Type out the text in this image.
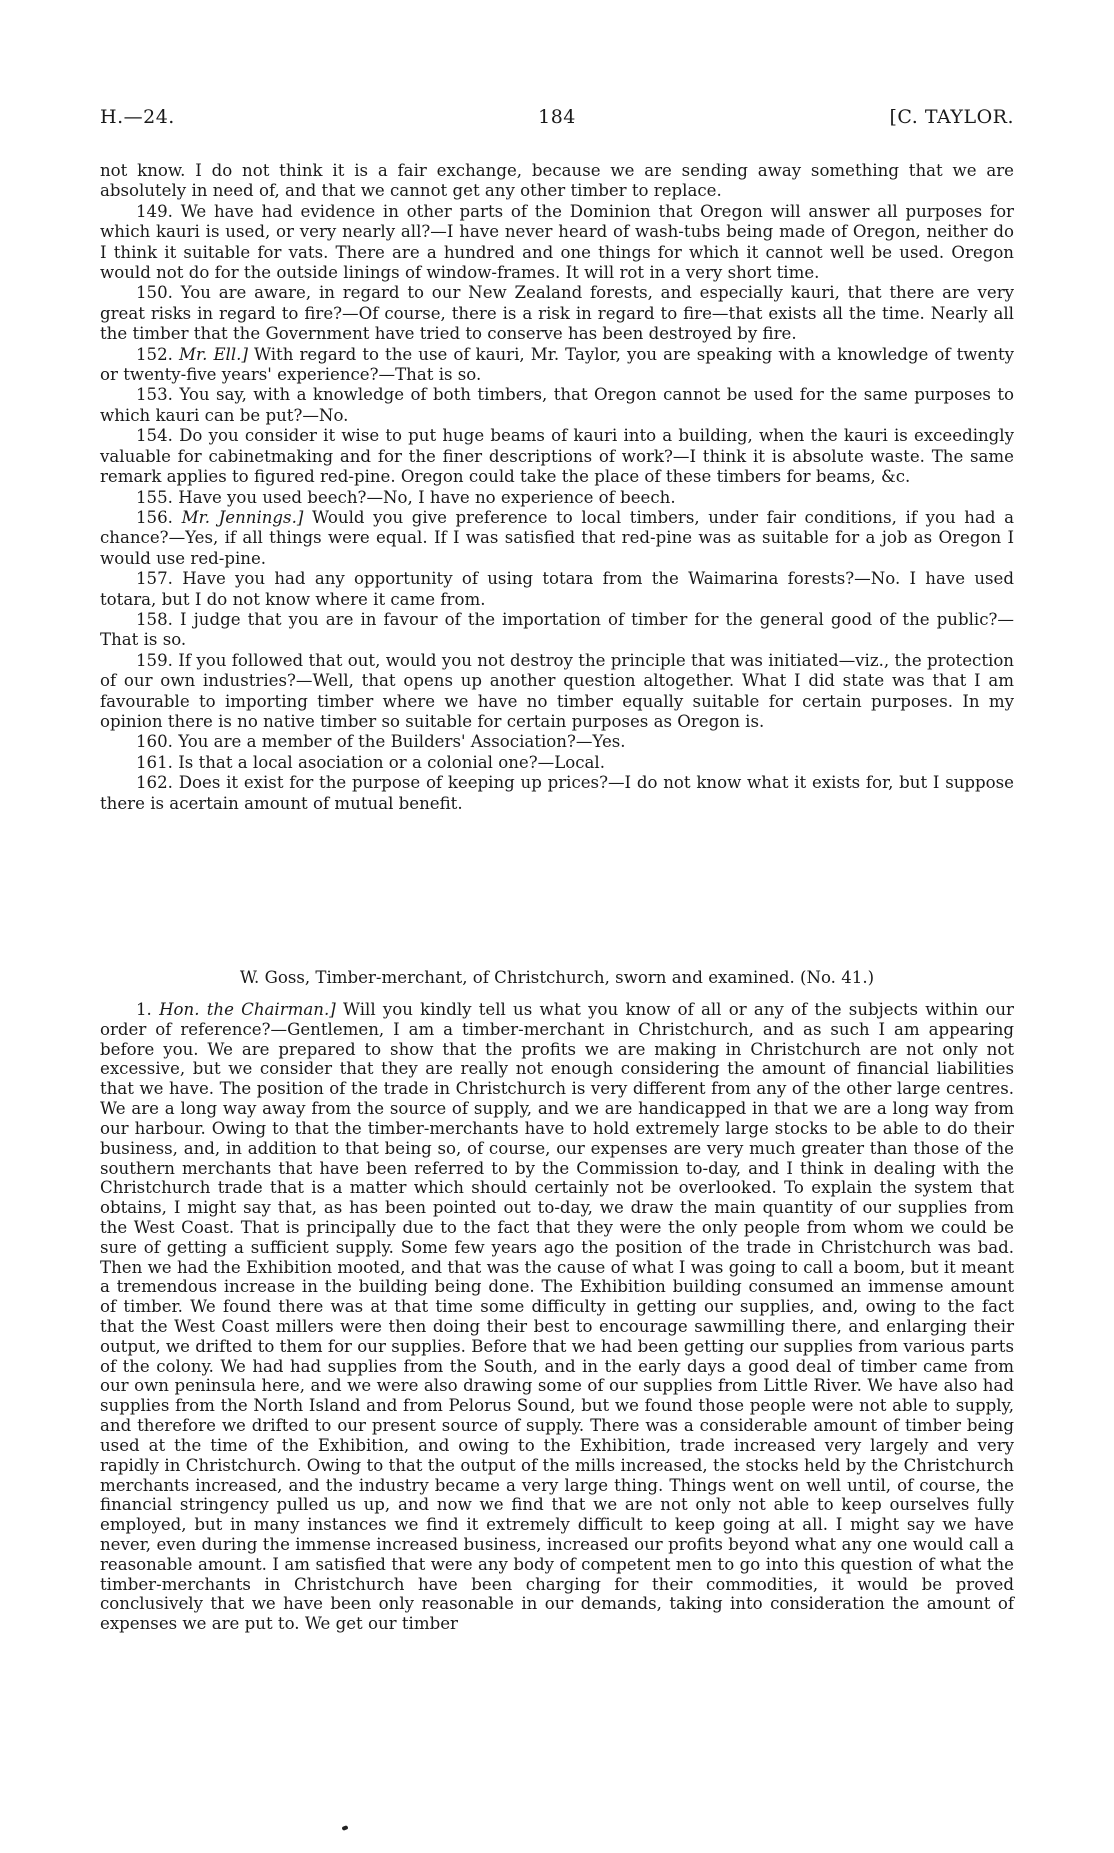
H.—24.	184	[C. TAYLOR.

not know. I do not think it is a fair exchange, because we are sending away something that we are absolutely in need of, and that we cannot get any other timber to replace.

149. We have had evidence in other parts of the Dominion that Oregon will answer all purposes for which kauri is used, or very nearly all?—I have never heard of wash-tubs being made of Oregon, neither do I think it suitable for vats. There are a hundred and one things for which it cannot well be used. Oregon would not do for the outside linings of window-frames. It will rot in a very short time.

150. You are aware, in regard to our New Zealand forests, and especially kauri, that there are very great risks in regard to fire?—Of course, there is a risk in regard to fire—that exists all the time. Nearly all the timber that the Government have tried to conserve has been destroyed by fire.

152. Mr. Ell.] With regard to the use of kauri, Mr. Taylor, you are speaking with a knowledge of twenty or twenty-five years' experience?—That is so.

153. You say, with a knowledge of both timbers, that Oregon cannot be used for the same purposes to which kauri can be put?—No.

154. Do you consider it wise to put huge beams of kauri into a building, when the kauri is exceedingly valuable for cabinetmaking and for the finer descriptions of work?—I think it is absolute waste. The same remark applies to figured red-pine. Oregon could take the place of these timbers for beams, &c.

155. Have you used beech?—No, I have no experience of beech.

156. Mr. Jennings.] Would you give preference to local timbers, under fair conditions, if you had a chance?—Yes, if all things were equal. If I was satisfied that red-pine was as suitable for a job as Oregon I would use red-pine.

157. Have you had any opportunity of using totara from the Waimarina forests?—No. I have used totara, but I do not know where it came from.

158. I judge that you are in favour of the importation of timber for the general good of the public?—That is so.

159. If you followed that out, would you not destroy the principle that was initiated—viz., the protection of our own industries?—Well, that opens up another question altogether. What I did state was that I am favourable to importing timber where we have no timber equally suitable for certain purposes. In my opinion there is no native timber so suitable for certain purposes as Oregon is.

160. You are a member of the Builders' Association?—Yes.

161. Is that a local asociation or a colonial one?—Local.

162. Does it exist for the purpose of keeping up prices?—I do not know what it exists for, but I suppose there is acertain amount of mutual benefit.

W. Goss, Timber-merchant, of Christchurch, sworn and examined. (No. 41.)

1. Hon. the Chairman.] Will you kindly tell us what you know of all or any of the subjects within our order of reference?—Gentlemen, I am a timber-merchant in Christchurch, and as such I am appearing before you. We are prepared to show that the profits we are making in Christchurch are not only not excessive, but we consider that they are really not enough considering the amount of financial liabilities that we have. The position of the trade in Christchurch is very different from any of the other large centres. We are a long way away from the source of supply, and we are handicapped in that we are a long way from our harbour. Owing to that the timber-merchants have to hold extremely large stocks to be able to do their business, and, in addition to that being so, of course, our expenses are very much greater than those of the southern merchants that have been referred to by the Commission to-day, and I think in dealing with the Christchurch trade that is a matter which should certainly not be overlooked. To explain the system that obtains, I might say that, as has been pointed out to-day, we draw the main quantity of our supplies from the West Coast. That is principally due to the fact that they were the only people from whom we could be sure of getting a sufficient supply. Some few years ago the position of the trade in Christchurch was bad. Then we had the Exhibition mooted, and that was the cause of what I was going to call a boom, but it meant a tremendous increase in the building being done. The Exhibition building consumed an immense amount of timber. We found there was at that time some difficulty in getting our supplies, and, owing to the fact that the West Coast millers were then doing their best to encourage sawmilling there, and enlarging their output, we drifted to them for our supplies. Before that we had been getting our supplies from various parts of the colony. We had had supplies from the South, and in the early days a good deal of timber came from our own peninsula here, and we were also drawing some of our supplies from Little River. We have also had supplies from the North Island and from Pelorus Sound, but we found those people were not able to supply, and therefore we drifted to our present source of supply. There was a considerable amount of timber being used at the time of the Exhibition, and owing to the Exhibition, trade increased very largely and very rapidly in Christchurch. Owing to that the output of the mills increased, the stocks held by the Christchurch merchants increased, and the industry became a very large thing. Things went on well until, of course, the financial stringency pulled us up, and now we find that we are not only not able to keep ourselves fully employed, but in many instances we find it extremely difficult to keep going at all. I might say we have never, even during the immense increased business, increased our profits beyond what any one would call a reasonable amount. I am satisfied that were any body of competent men to go into this question of what the timber-merchants in Christchurch have been charging for their commodities, it would be proved conclusively that we have been only reasonable in our demands, taking into consideration the amount of expenses we are put to. We get our timber
